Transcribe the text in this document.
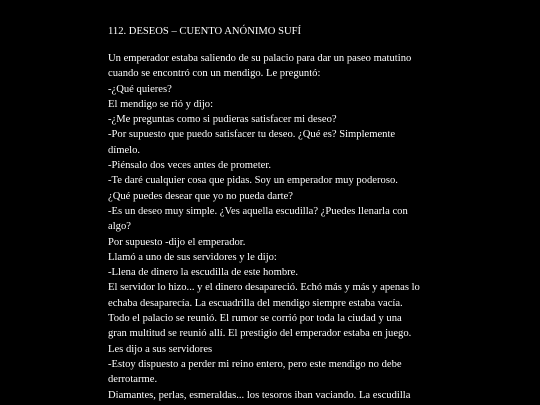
112. DESEOS – CUENTO ANÓNIMO SUFÍ
Un emperador estaba saliendo de su palacio para dar un paseo matutino
cuando se encontró con un mendigo. Le preguntó:
-¿Qué quieres?
El mendigo se rió y dijo:
-¿Me preguntas como si pudieras satisfacer mi deseo?
-Por supuesto que puedo satisfacer tu deseo. ¿Qué es? Simplemente
dímelo.
-Piénsalo dos veces antes de prometer.
-Te daré cualquier cosa que pidas. Soy un emperador muy poderoso.
¿Qué puedes desear que yo no pueda darte?
-Es un deseo muy simple. ¿Ves aquella escudilla? ¿Puedes llenarla con
algo?
Por supuesto -dijo el emperador.
Llamó a uno de sus servidores y le dijo:
-Llena de dinero la escudilla de este hombre.
El servidor lo hizo... y el dinero desapareció. Echó más y más y apenas lo
echaba desaparecía. La escuadrilla del mendigo siempre estaba vacía.
Todo el palacio se reunió. El rumor se corrió por toda la ciudad y una
gran multitud se reunió allí. El prestigio del emperador estaba en juego.
Les dijo a sus servidores
-Estoy dispuesto a perder mi reino entero, pero este mendigo no debe
derrotarme.
Diamantes, perlas, esmeraldas... los tesoros iban vaciando. La escudilla
